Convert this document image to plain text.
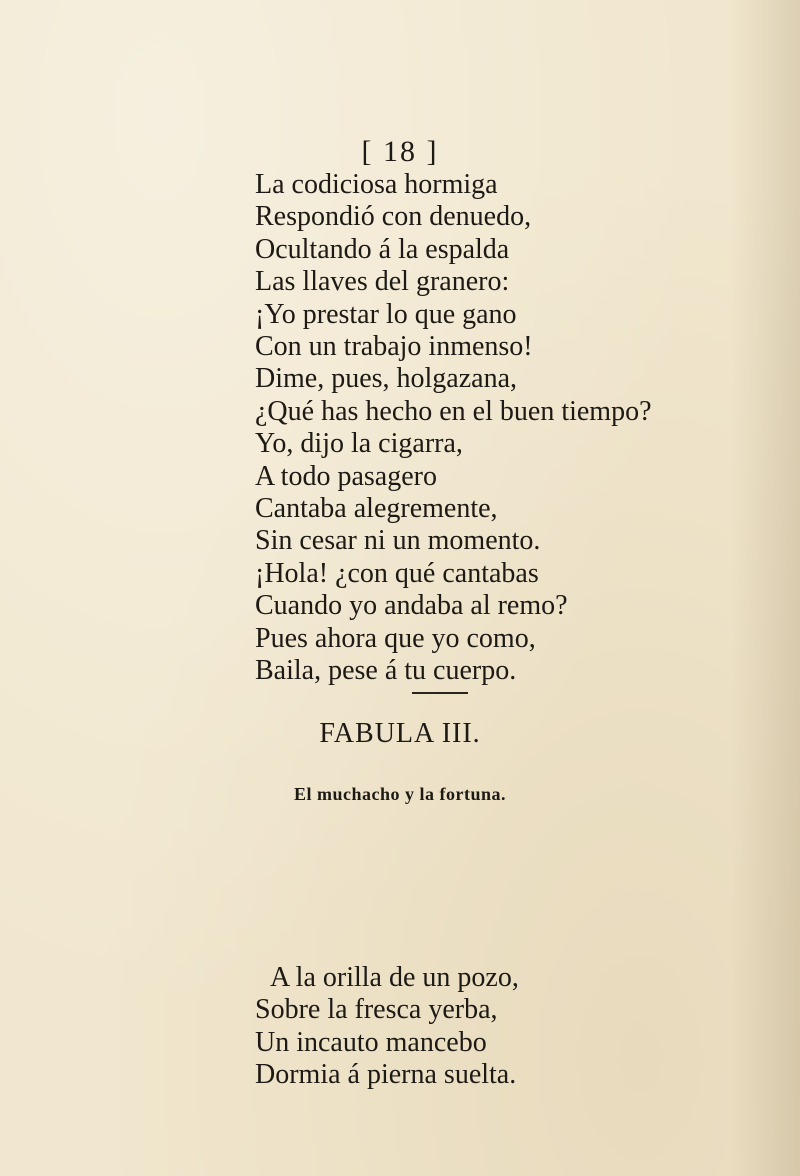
[ 18 ]
La codiciosa hormiga
Respondió con denuedo,
Ocultando á la espalda
Las llaves del granero:
¡Yo prestar lo que gano
Con un trabajo inmenso!
Dime, pues, holgazana,
¿Qué has hecho en el buen tiempo?
Yo, dijo la cigarra,
A todo pasagero
Cantaba alegremente,
Sin cesar ni un momento.
¡Hola! ¿con qué cantabas
Cuando yo andaba al remo?
Pues ahora que yo como,
Baila, pese á tu cuerpo.
FABULA III.
El muchacho y la fortuna.
A la orilla de un pozo,
Sobre la fresca yerba,
Un incauto mancebo
Dormia á pierna suelta.
